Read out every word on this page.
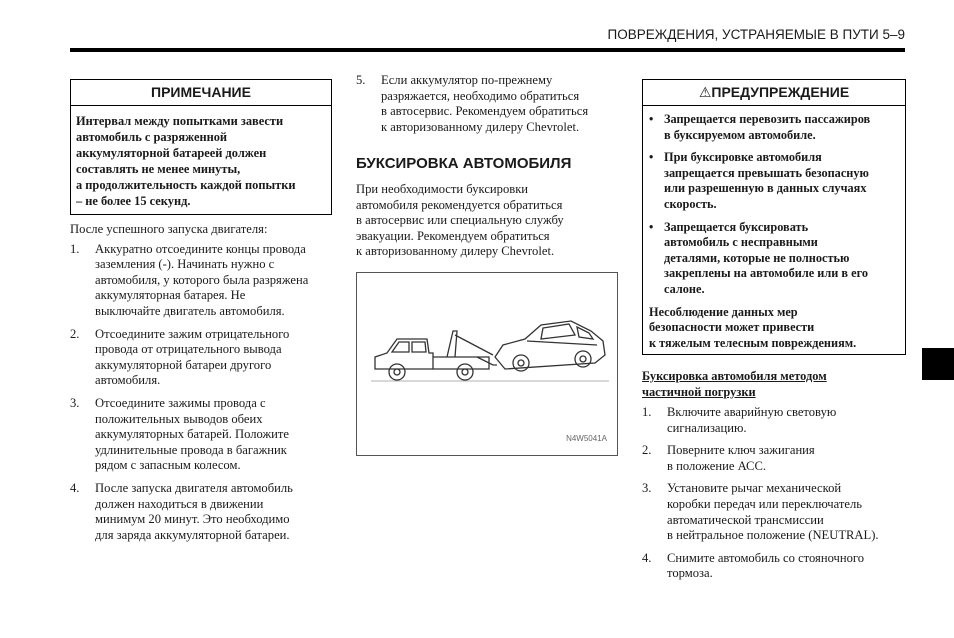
ПОВРЕЖДЕНИЯ, УСТРАНЯЕМЫЕ В ПУТИ 5–9
ПРИМЕЧАНИЕ
Интервал между попытками завести
автомобиль с разряженной
аккумуляторной батареей должен
составлять не менее минуты,
а продолжительность каждой попытки
– не более 15 секунд.

После успешного запуска двигателя:

1. Аккуратно отсоедините концы провода
заземления (-). Начинать нужно с
автомобиля, у которого была разряжена
аккумуляторная батарея. Не
выключайте двигатель автомобиля.
2. Отсоедините зажим отрицательного
провода от отрицательного вывода
аккумуляторной батареи другого
автомобиля.
3. Отсоедините зажимы провода с
положительных выводов обеих
аккумуляторных батарей. Положите
удлинительные провода в багажник
рядом с запасным колесом.
4. После запуска двигателя автомобиль
должен находиться в движении
минимум 20 минут. Это необходимо
для заряда аккумуляторной батареи.
5. Если аккумулятор по-прежнему
разряжается, необходимо обратиться
в автосервис. Рекомендуем обратиться
к авторизованному дилеру Chevrolet.
БУКСИРОВКА АВТОМОБИЛЯ
При необходимости буксировки
автомобиля рекомендуется обратиться
в автосервис или специальную службу
эвакуации. Рекомендуем обратиться
к авторизованному дилеру Chevrolet.
N4W5041A
⚠ПРЕДУПРЕЖДЕНИЕ
• Запрещается перевозить пассажиров
в буксируемом автомобиле.
• При буксировке автомобиля
запрещается превышать безопасную
или разрешенную в данных случаях
скорость.
• Запрещается буксировать
автомобиль с несправными
деталями, которые не полностью
закреплены на автомобиле или в его
салоне.
Несоблюдение данных мер
безопасности может привести
к тяжелым телесным повреждениям.
Буксировка автомобиля методом
частичной погрузки
1. Включите аварийную световую
сигнализацию.
2. Поверните ключ зажигания
в положение АСС.
3. Установите рычаг механической
коробки передач или переключатель
автоматической трансмиссии
в нейтральное положение (NEUTRAL).
4. Снимите автомобиль со стояночного
тормоза.
